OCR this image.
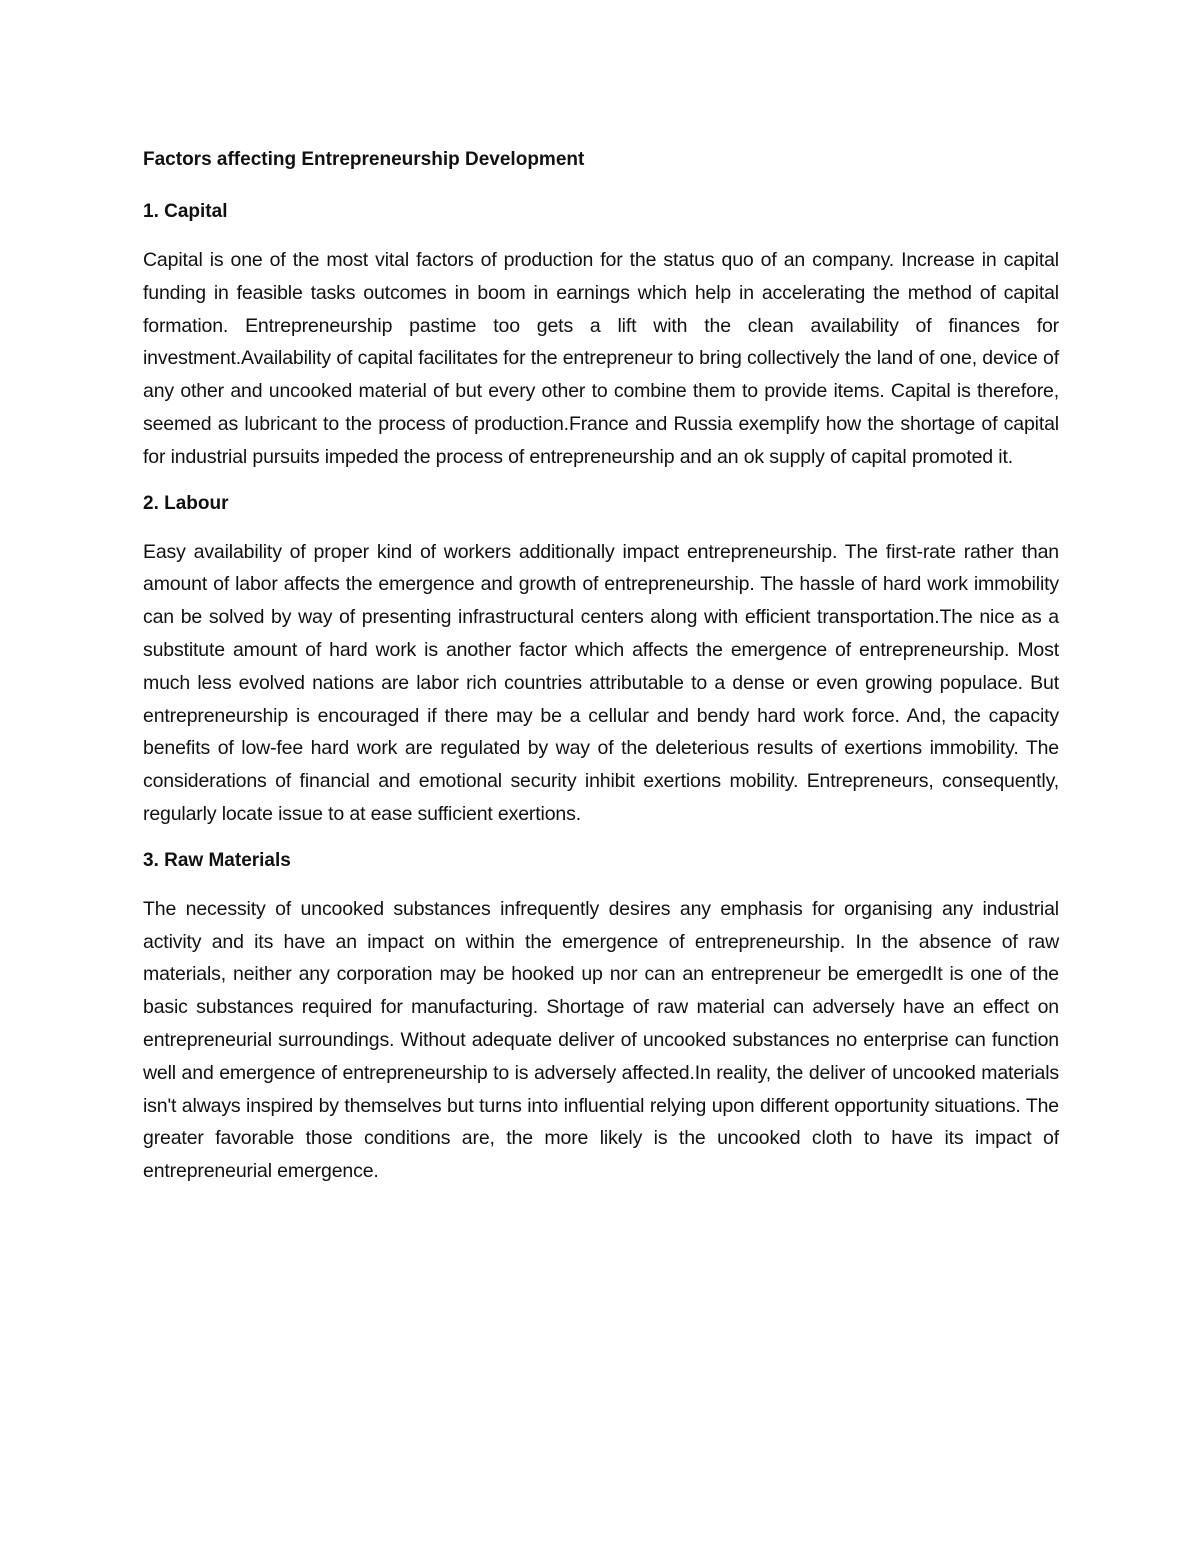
Factors affecting Entrepreneurship Development
1. Capital

Capital is one of the most vital factors of production for the status quo of an company. Increase in capital funding in feasible tasks outcomes in boom in earnings which help in accelerating the method of capital formation. Entrepreneurship pastime too gets a lift with the clean availability of finances for investment.Availability of capital facilitates for the entrepreneur to bring collectively the land of one, device of any other and uncooked material of but every other to combine them to provide items. Capital is therefore, seemed as lubricant to the process of production.France and Russia exemplify how the shortage of capital for industrial pursuits impeded the process of entrepreneurship and an ok supply of capital promoted it.

2. Labour

Easy availability of proper kind of workers additionally impact entrepreneurship. The first-rate rather than amount of labor affects the emergence and growth of entrepreneurship. The hassle of hard work immobility can be solved by way of presenting infrastructural centers along with efficient transportation.The nice as a substitute amount of hard work is another factor which affects the emergence of entrepreneurship. Most much less evolved nations are labor rich countries attributable to a dense or even growing populace. But entrepreneurship is encouraged if there may be a cellular and bendy hard work force. And, the capacity benefits of low-fee hard work are regulated by way of the deleterious results of exertions immobility. The considerations of financial and emotional security inhibit exertions mobility. Entrepreneurs, consequently, regularly locate issue to at ease sufficient exertions.

3. Raw Materials

The necessity of uncooked substances infrequently desires any emphasis for organising any industrial activity and its have an impact on within the emergence of entrepreneurship. In the absence of raw materials, neither any corporation may be hooked up nor can an entrepreneur be emergedIt is one of the basic substances required for manufacturing. Shortage of raw material can adversely have an effect on entrepreneurial surroundings. Without adequate deliver of uncooked substances no enterprise can function well and emergence of entrepreneurship to is adversely affected.In reality, the deliver of uncooked materials isn't always inspired by themselves but turns into influential relying upon different opportunity situations. The greater favorable those conditions are, the more likely is the uncooked cloth to have its impact of entrepreneurial emergence.
